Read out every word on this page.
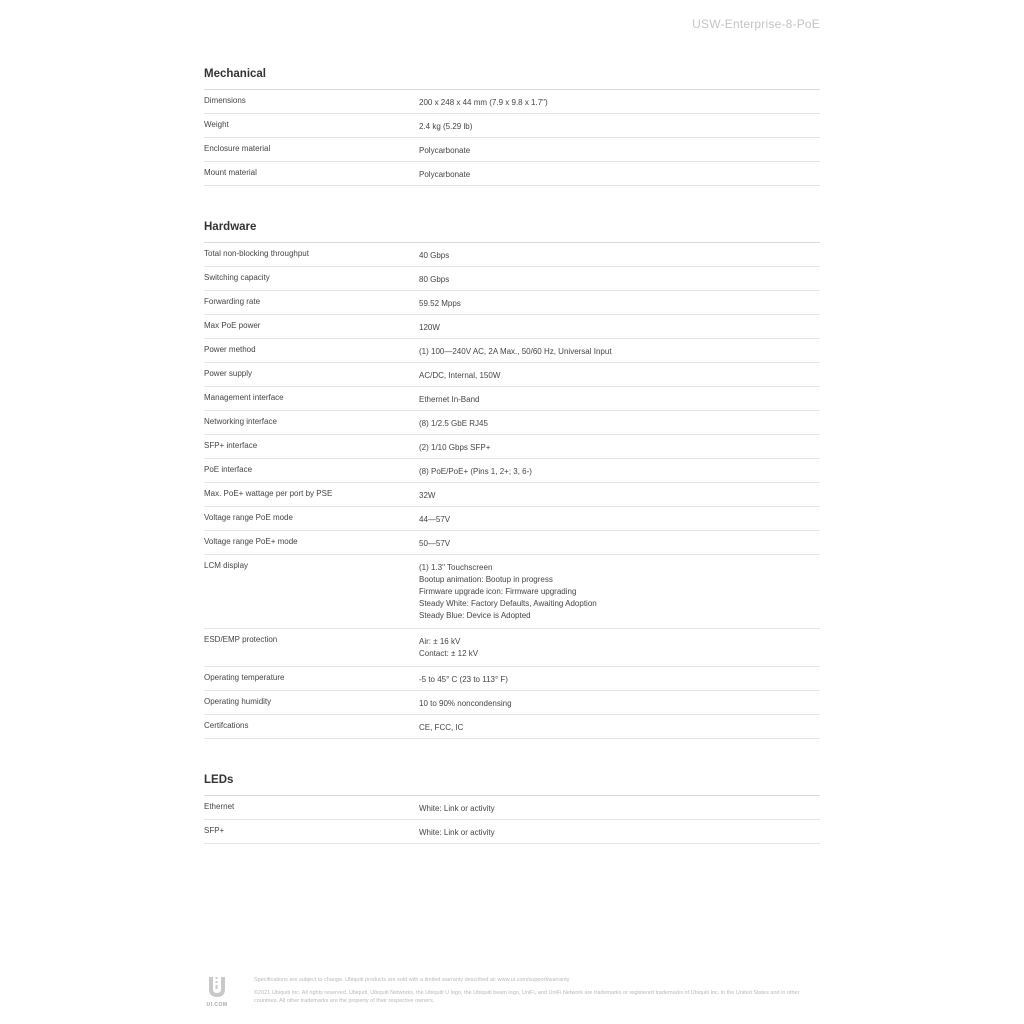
USW-Enterprise-8-PoE
Mechanical
Dimensions	200 x 248 x 44 mm (7.9 x 9.8 x 1.7")
Weight	2.4 kg (5.29 lb)
Enclosure material	Polycarbonate
Mount material	Polycarbonate
Hardware
Total non-blocking throughput	40 Gbps
Switching capacity	80 Gbps
Forwarding rate	59.52 Mpps
Max PoE power	120W
Power method	(1) 100—240V AC, 2A Max., 50/60 Hz, Universal Input
Power supply	AC/DC, Internal, 150W
Management interface	Ethernet In-Band
Networking interface	(8) 1/2.5 GbE RJ45
SFP+ interface	(2) 1/10 Gbps SFP+
PoE interface	(8) PoE/PoE+ (Pins 1, 2+; 3, 6-)
Max. PoE+ wattage per port by PSE	32W
Voltage range PoE mode	44—57V
Voltage range PoE+ mode	50—57V
LCM display	(1) 1.3" Touchscreen
Bootup animation: Bootup in progress
Firmware upgrade icon: Firmware upgrading
Steady White: Factory Defaults, Awaiting Adoption
Steady Blue: Device is Adopted
ESD/EMP protection	Air: ± 16 kV
Contact: ± 12 kV
Operating temperature	-5 to 45° C (23 to 113° F)
Operating humidity	10 to 90% noncondensing
Certifcations	CE, FCC, IC
LEDs
Ethernet	White: Link or activity
SFP+	White: Link or activity
UI.COM

Specifications are subject to change. Ubiquiti products are sold with a limited warranty described at: www.ui.com/support/warranty

©2021 Ubiquiti Inc. All rights reserved. Ubiquiti, Ubiquiti Networks, the Ubiquiti U logo, the Ubiquiti beam logo, UniFi, and UniFi Network are trademarks or registered trademarks of Ubiquiti Inc. in the United States and in other countries. All other trademarks are the property of their respective owners.
